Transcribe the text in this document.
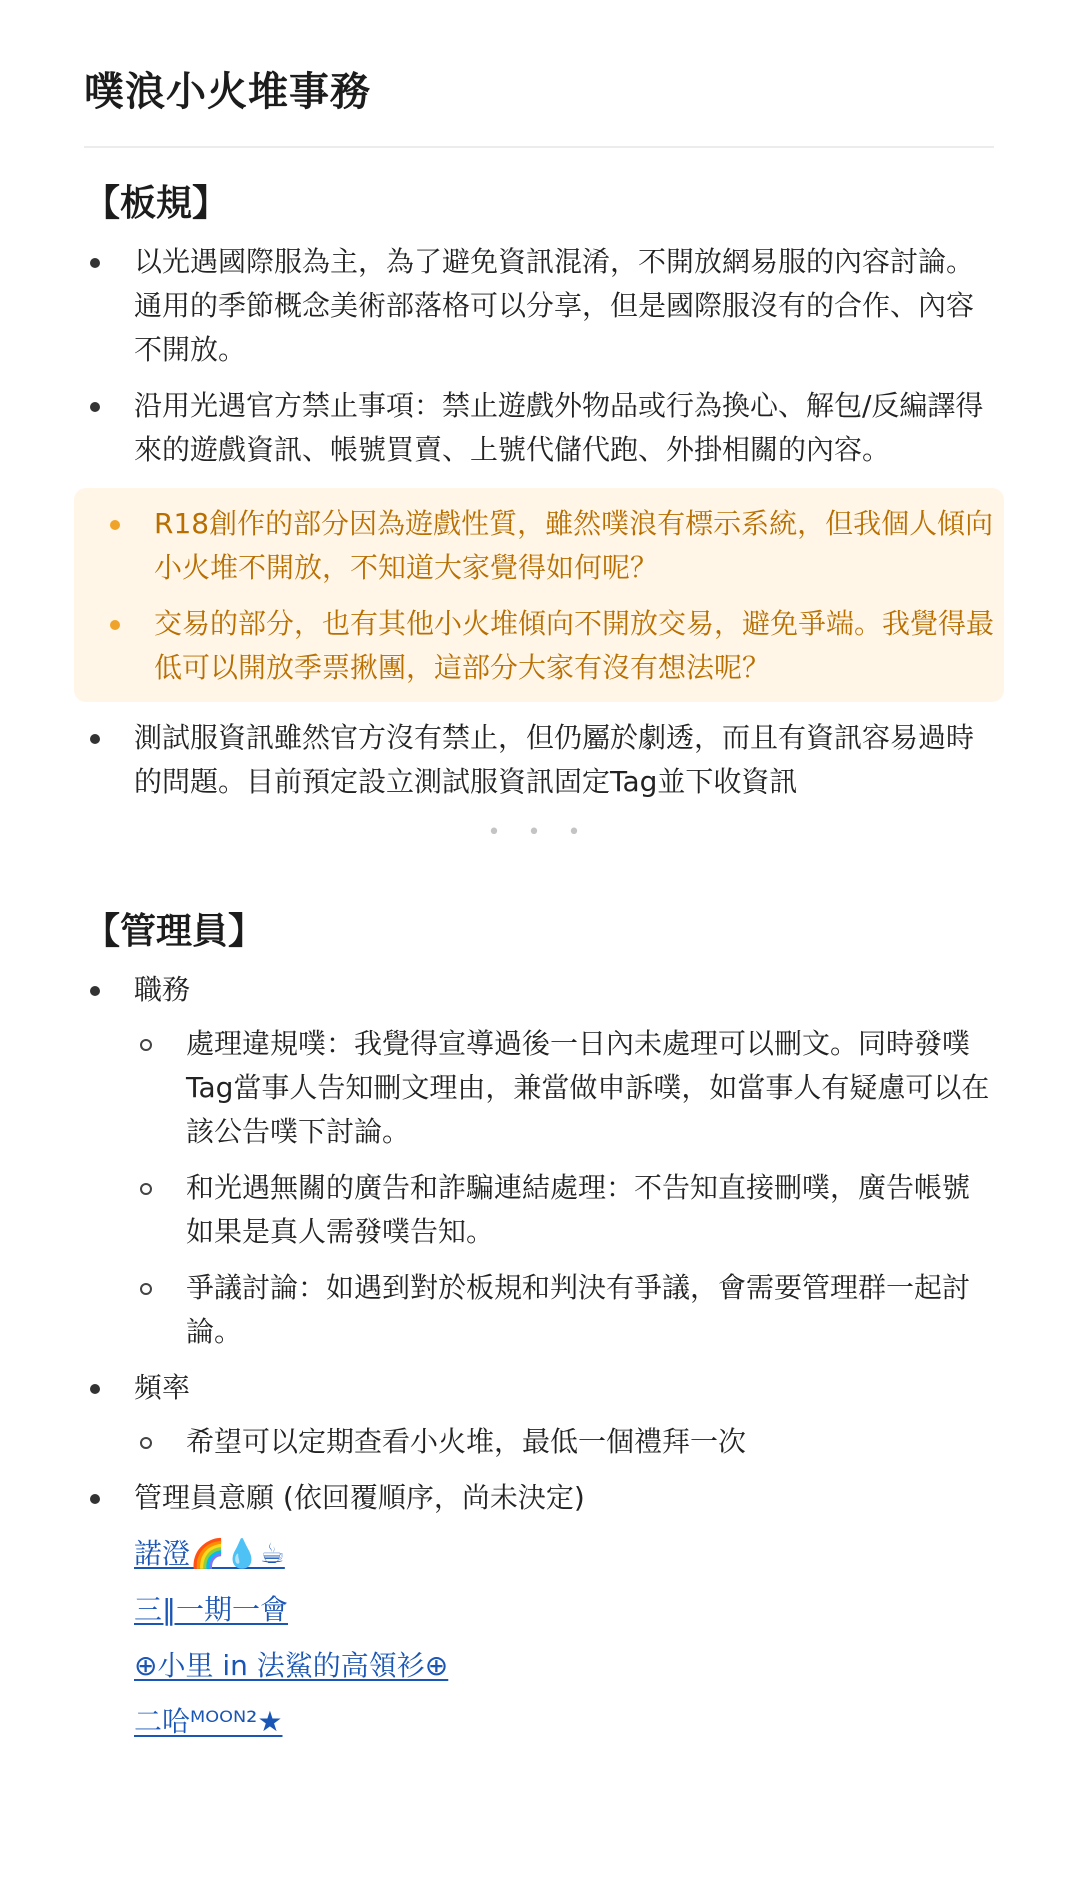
噗浪小火堆事務
【板規】
以光遇國際服為主，為了避免資訊混淆，不開放網易服的內容討論。通用的季節概念美術部落格可以分享，但是國際服沒有的合作、內容不開放。
沿用光遇官方禁止事項：禁止遊戲外物品或行為換心、解包/反編譯得來的遊戲資訊、帳號買賣、上號代儲代跑、外掛相關的內容。
R18創作的部分因為遊戲性質，雖然噗浪有標示系統，但我個人傾向小火堆不開放，不知道大家覺得如何呢？
交易的部分，也有其他小火堆傾向不開放交易，避免爭端。我覺得最低可以開放季票揪團，這部分大家有沒有想法呢？
測試服資訊雖然官方沒有禁止，但仍屬於劇透，而且有資訊容易過時的問題。目前預定設立測試服資訊固定Tag並下收資訊
• • •
【管理員】
職務
處理違規噗：我覺得宣導過後一日內未處理可以刪文。同時發噗Tag當事人告知刪文理由，兼當做申訴噗，如當事人有疑慮可以在該公告噗下討論。
和光遇無關的廣告和詐騙連結處理：不告知直接刪噗，廣告帳號如果是真人需發噗告知。
爭議討論：如遇到對於板規和判決有爭議，會需要管理群一起討論。
頻率
希望可以定期查看小火堆，最低一個禮拜一次
管理員意願 (依回覆順序，尚未決定)
諾澄🌈💧☕
三‖一期一會
⊕小里 in 法鯊的高領衫⊕
二哈ᴹᴼᴼᴺ²★
